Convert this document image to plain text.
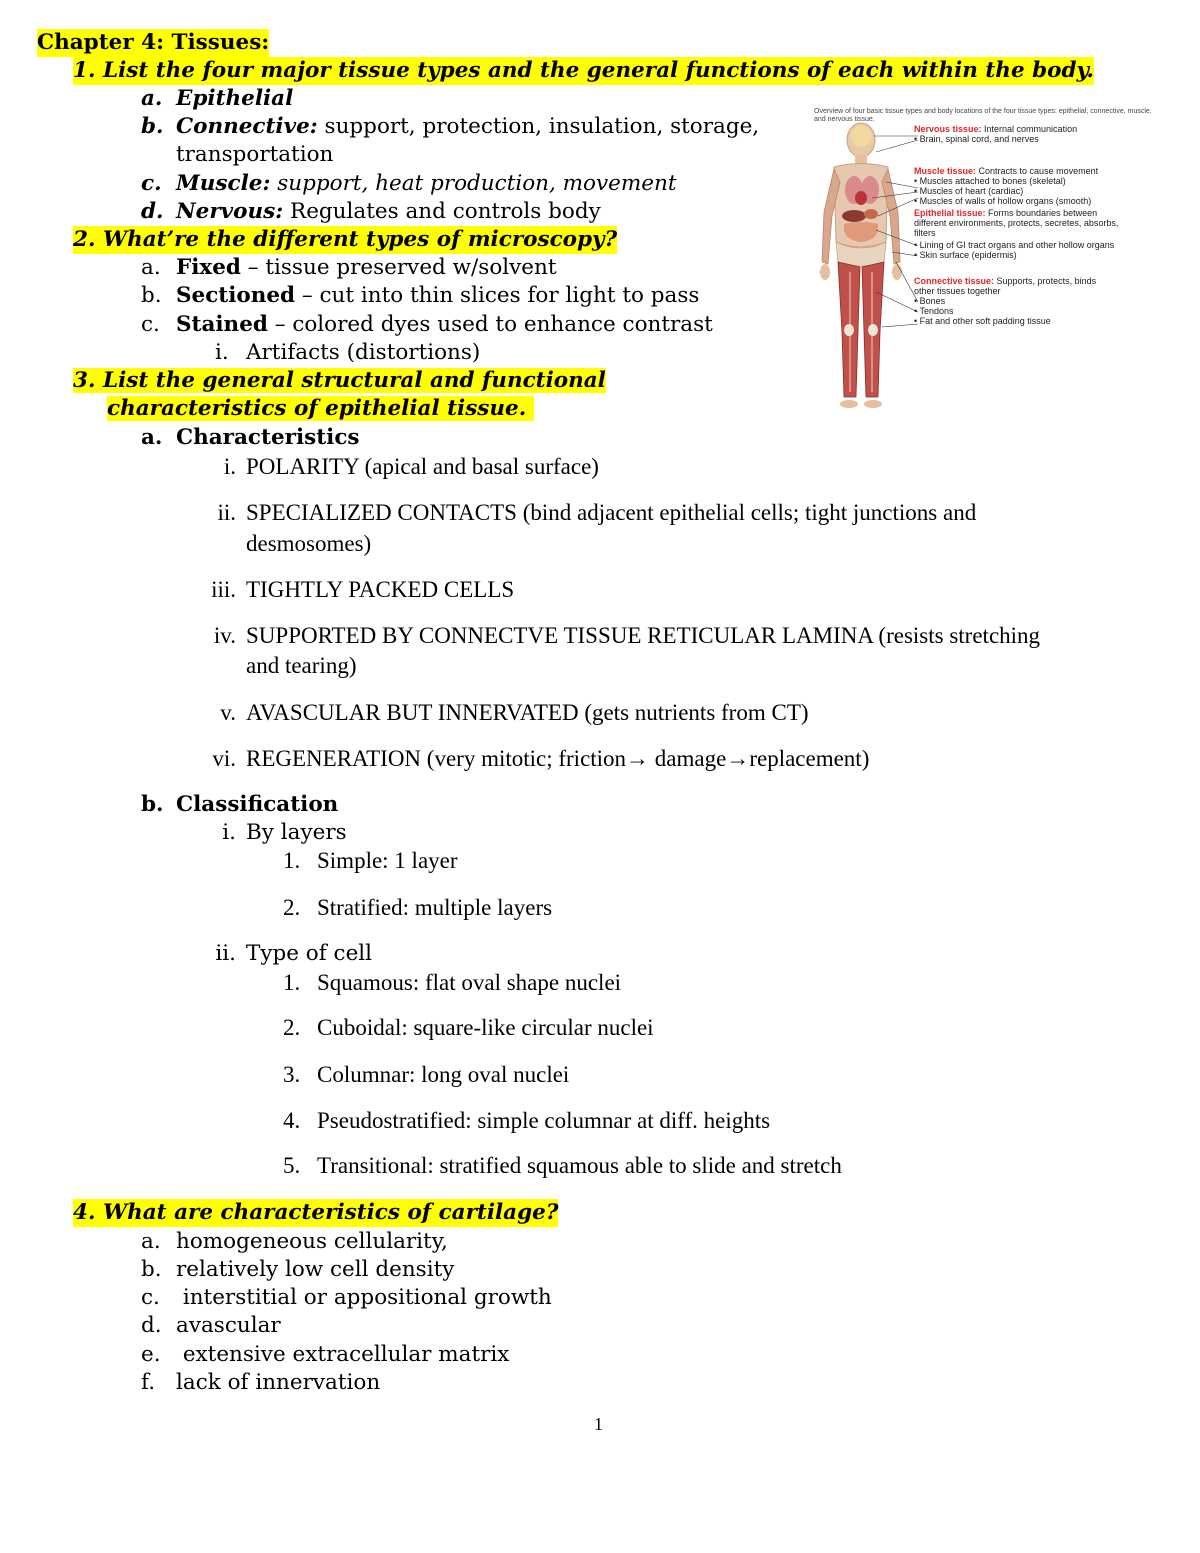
Chapter 4: Tissues:
1. List the four major tissue types and the general functions of each within the body.
a. Epithelial
b. Connective: support, protection, insulation, storage,
transportation
c. Muscle: support, heat production, movement
d. Nervous: Regulates and controls body
2. What’re the different types of microscopy?
a. Fixed – tissue preserved w/solvent
b. Sectioned – cut into thin slices for light to pass
c. Stained – colored dyes used to enhance contrast
i. Artifacts (distortions)
3. List the general structural and functional
characteristics of epithelial tissue.
a. Characteristics
i. POLARITY (apical and basal surface)
ii. SPECIALIZED CONTACTS (bind adjacent epithelial cells; tight junctions and
desmosomes)
iii. TIGHTLY PACKED CELLS
iv. SUPPORTED BY CONNECTVE TISSUE RETICULAR LAMINA (resists stretching
and tearing)
v. AVASCULAR BUT INNERVATED (gets nutrients from CT)
vi. REGENERATION (very mitotic; friction→ damage→replacement)
b. Classification
i. By layers
1. Simple: 1 layer
2. Stratified: multiple layers
ii. Type of cell
1. Squamous: flat oval shape nuclei
2. Cuboidal: square-like circular nuclei
3. Columnar: long oval nuclei
4. Pseudostratified: simple columnar at diff. heights
5. Transitional: stratified squamous able to slide and stretch
4. What are characteristics of cartilage?
a. homogeneous cellularity,
b. relatively low cell density
c. interstitial or appositional growth
d. avascular
e. extensive extracellular matrix
f. lack of innervation
1
Overview of four basic tissue types and body locations of the four tissue types: epithelial, connective, muscle, and nervous tissue.
Nervous tissue: Internal communication
• Brain, spinal cord, and nerves
Muscle tissue: Contracts to cause movement
• Muscles attached to bones (skeletal)
• Muscles of heart (cardiac)
• Muscles of walls of hollow organs (smooth)
Epithelial tissue: Forms boundaries between
different environments, protects, secretes, absorbs,
filters
• Lining of GI tract organs and other hollow organs
• Skin surface (epidermis)
Connective tissue: Supports, protects, binds
other tissues together
• Bones
• Tendons
• Fat and other soft padding tissue
